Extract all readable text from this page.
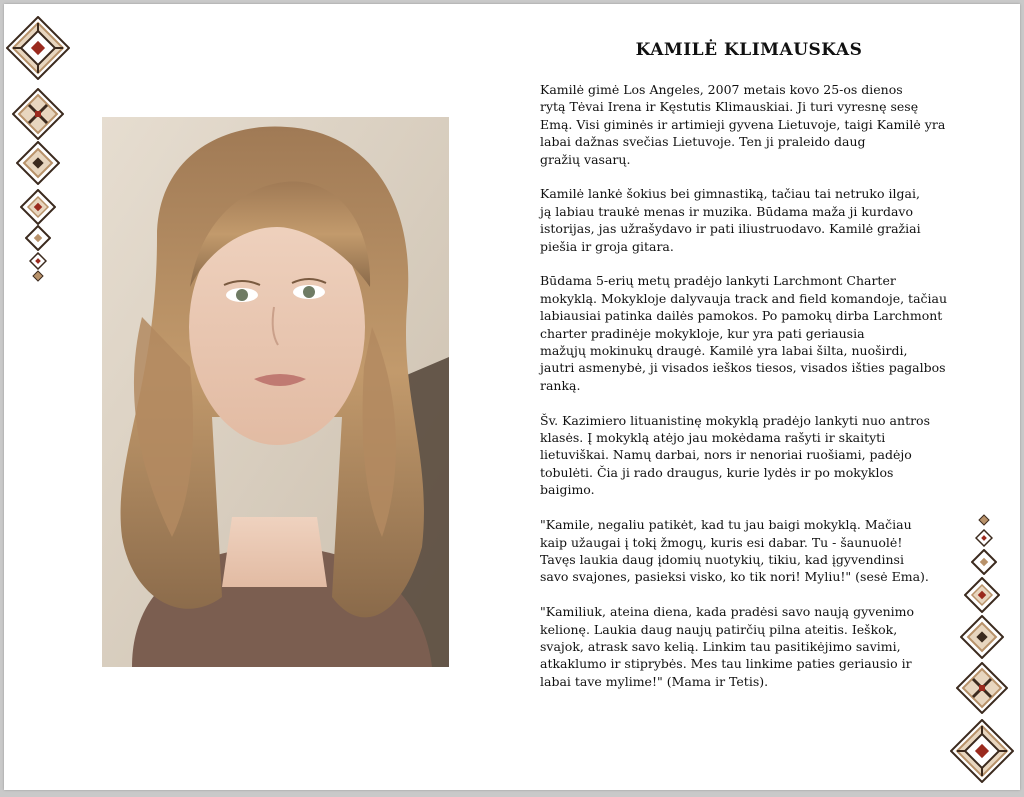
KAMILĖ KLIMAUSKAS

Kamilė gimė Los Angeles, 2007 metais kovo 25-os dienos
rytą Tėvai Irena ir Kęstutis Klimauskiai. Ji turi vyresnę sesę
Emą. Visi giminės ir artimieji gyvena Lietuvoje, taigi Kamilė yra
labai dažnas svečias Lietuvoje. Ten ji praleido daug
gražių vasarų.

Kamilė lankė šokius bei gimnastiką, tačiau tai netruko ilgai,
ją labiau traukė menas ir muzika. Būdama maža ji kurdavo
istorijas, jas užrašydavo ir pati iliustruodavo. Kamilė gražiai
piešia ir groja gitara.

Būdama 5-erių metų pradėjo lankyti Larchmont Charter
mokyklą. Mokykloje dalyvauja track and field komandoje, tačiau
labiausiai patinka dailės pamokos. Po pamokų dirba Larchmont
charter pradinėje mokykloje, kur yra pati geriausia
mažųjų mokinukų draugė. Kamilė yra labai šilta, nuoširdi,
jautri asmenybė, ji visados ieškos tiesos, visados išties pagalbos
ranką.

Šv. Kazimiero lituanistinę mokyklą pradėjo lankyti nuo antros
klasės. Į mokyklą atėjo jau mokėdama rašyti ir skaityti
lietuviškai. Namų darbai, nors ir nenoriai ruošiami, padėjo
tobulėti. Čia ji rado draugus, kurie lydės ir po mokyklos
baigimo.

"Kamile, negaliu patikėt, kad tu jau baigi mokyklą. Mačiau
kaip užaugai į tokį žmogų, kuris esi dabar. Tu - šaunuolė!
Tavęs laukia daug įdomių nuotykių, tikiu, kad įgyvendinsi
savo svajones, pasieksi visko, ko tik nori! Myliu!" (sesė Ema).

"Kamiliuk, ateina diena, kada pradėsi savo naują gyvenimo
kelionę. Laukia daug naujų patirčių pilna ateitis. Ieškok,
svajok, atrask savo kelią. Linkim tau pasitikėjimo savimi,
atkaklumo ir stiprybės. Mes tau linkime paties geriausio ir
labai tave mylime!" (Mama ir Tetis).
